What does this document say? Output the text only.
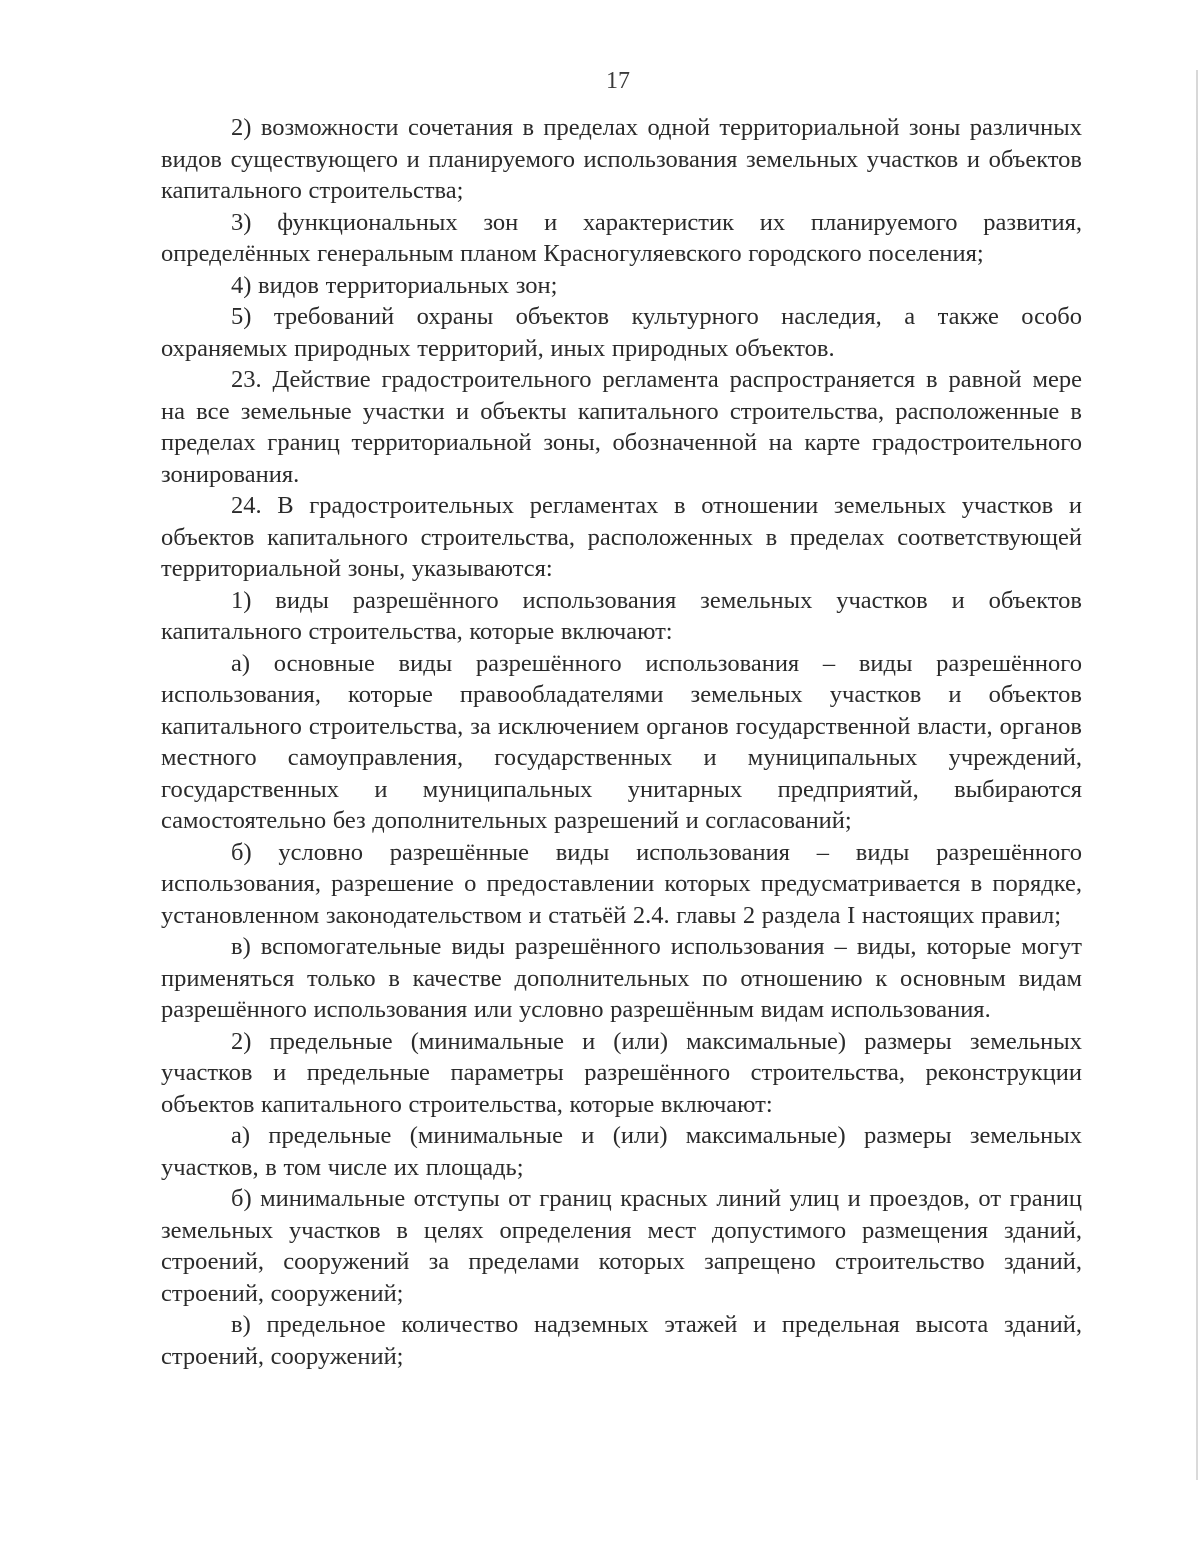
17

2) возможности сочетания в пределах одной территориальной зоны различных видов существующего и планируемого использования земельных участков и объектов капитального строительства;

3) функциональных зон и характеристик их планируемого развития, определённых генеральным планом Красногуляевского городского поселения;

4) видов территориальных зон;

5) требований охраны объектов культурного наследия, а также особо охраняемых природных территорий, иных природных объектов.

23. Действие градостроительного регламента распространяется в равной мере на все земельные участки и объекты капитального строительства, расположенные в пределах границ территориальной зоны, обозначенной на карте градостроительного зонирования.

24. В градостроительных регламентах в отношении земельных участков и объектов капитального строительства, расположенных в пределах соответствующей территориальной зоны, указываются:

1) виды разрешённого использования земельных участков и объектов капитального строительства, которые включают:

а) основные виды разрешённого использования – виды разрешённого использования, которые правообладателями земельных участков и объектов капитального строительства, за исключением органов государственной власти, органов местного самоуправления, государственных и муниципальных учреждений, государственных и муниципальных унитарных предприятий, выбираются самостоятельно без дополнительных разрешений и согласований;

б) условно разрешённые виды использования – виды разрешённого использования, разрешение о предоставлении которых предусматривается в порядке, установленном законодательством и статьёй 2.4. главы 2 раздела I настоящих правил;

в) вспомогательные виды разрешённого использования – виды, которые могут применяться только в качестве дополнительных по отношению к основным видам разрешённого использования или условно разрешённым видам использования.

2) предельные (минимальные и (или) максимальные) размеры земельных участков и предельные параметры разрешённого строительства, реконструкции объектов капитального строительства, которые включают:

а) предельные (минимальные и (или) максимальные) размеры земельных участков, в том числе их площадь;

б) минимальные отступы от границ красных линий улиц и проездов, от границ земельных участков в целях определения мест допустимого размещения зданий, строений, сооружений за пределами которых запрещено строительство зданий, строений, сооружений;

в) предельное количество надземных этажей и предельная высота зданий, строений, сооружений;
